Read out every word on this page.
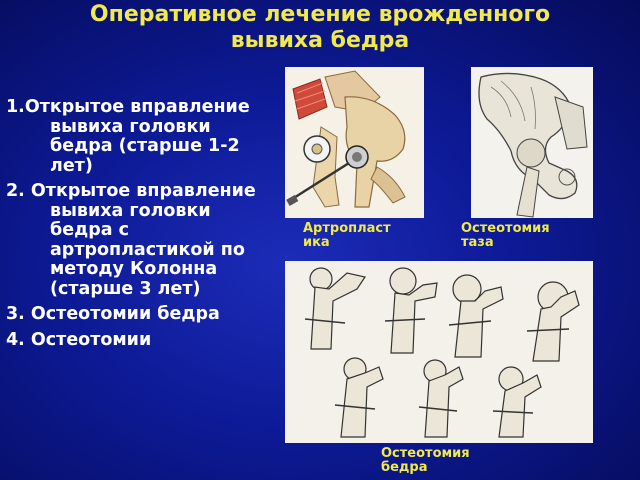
Оперативное лечение врожденного
вывиха бедра
1.Открытое вправление вывиха головки бедра (старше 1-2 лет)
2. Открытое вправление вывиха головки бедра с артропластикой по методу Колонна (старше 3 лет)
3. Остеотомии бедра
4. Остеотомии

Артропласт
ика

Остеотомия
таза

Остеотомия
бедра
